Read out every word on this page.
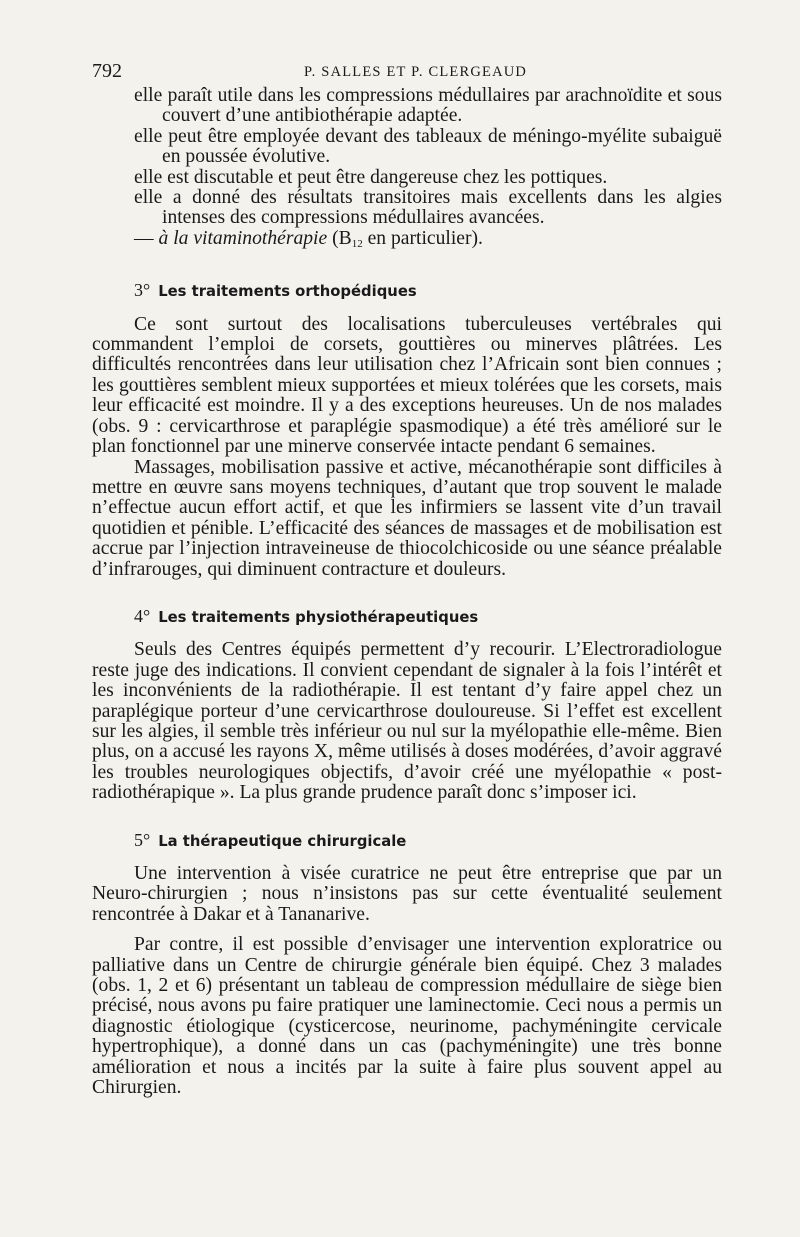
792	P. SALLES ET P. CLERGEAUD

elle paraît utile dans les compressions médullaires par arachnoïdite et sous couvert d’une antibiothérapie adaptée.

elle peut être employée devant des tableaux de méningo-myélite subaiguë en poussée évolutive.

elle est discutable et peut être dangereuse chez les pottiques.

elle a donné des résultats transitoires mais excellents dans les algies intenses des compressions médullaires avancées.

— à la vitaminothérapie ($B_{12}$ en particulier).

3° Les traitements orthopédiques

Ce sont surtout des localisations tuberculeuses vertébrales qui commandent l’emploi de corsets, gouttières ou minerves plâtrées. Les difficultés rencontrées dans leur utilisation chez l’Africain sont bien connues ; les gouttières semblent mieux supportées et mieux tolérées que les corsets, mais leur efficacité est moindre. Il y a des exceptions heureuses. Un de nos malades (obs. 9 : cervicarthrose et paraplégie spasmodique) a été très amélioré sur le plan fonctionnel par une minerve conservée intacte pendant 6 semaines.

Massages, mobilisation passive et active, mécanothérapie sont difficiles à mettre en œuvre sans moyens techniques, d’autant que trop souvent le malade n’effectue aucun effort actif, et que les infirmiers se lassent vite d’un travail quotidien et pénible. L’efficacité des séances de massages et de mobilisation est accrue par l’injection intraveineuse de thiocolchicoside ou une séance préalable d’infrarouges, qui diminuent contracture et douleurs.

4° Les traitements physiothérapeutiques

Seuls des Centres équipés permettent d’y recourir. L’Electroradiologue reste juge des indications. Il convient cependant de signaler à la fois l’intérêt et les inconvénients de la radiothérapie. Il est tentant d’y faire appel chez un paraplégique porteur d’une cervicarthrose douloureuse. Si l’effet est excellent sur les algies, il semble très inférieur ou nul sur la myélopathie elle-même. Bien plus, on a accusé les rayons X, même utilisés à doses modérées, d’avoir aggravé les troubles neurologiques objectifs, d’avoir créé une myélopathie « post-radiothérapique ». La plus grande prudence paraît donc s’imposer ici.

5° La thérapeutique chirurgicale

Une intervention à visée curatrice ne peut être entreprise que par un Neuro-chirurgien ; nous n’insistons pas sur cette éventualité seulement rencontrée à Dakar et à Tananarive.

Par contre, il est possible d’envisager une intervention exploratrice ou palliative dans un Centre de chirurgie générale bien équipé. Chez 3 malades (obs. 1, 2 et 6) présentant un tableau de compression médullaire de siège bien précisé, nous avons pu faire pratiquer une laminectomie. Ceci nous a permis un diagnostic étiologique (cysticercose, neurinome, pachyméningite cervicale hypertrophique), a donné dans un cas (pachyméningite) une très bonne amélioration et nous a incités par la suite à faire plus souvent appel au Chirurgien.
